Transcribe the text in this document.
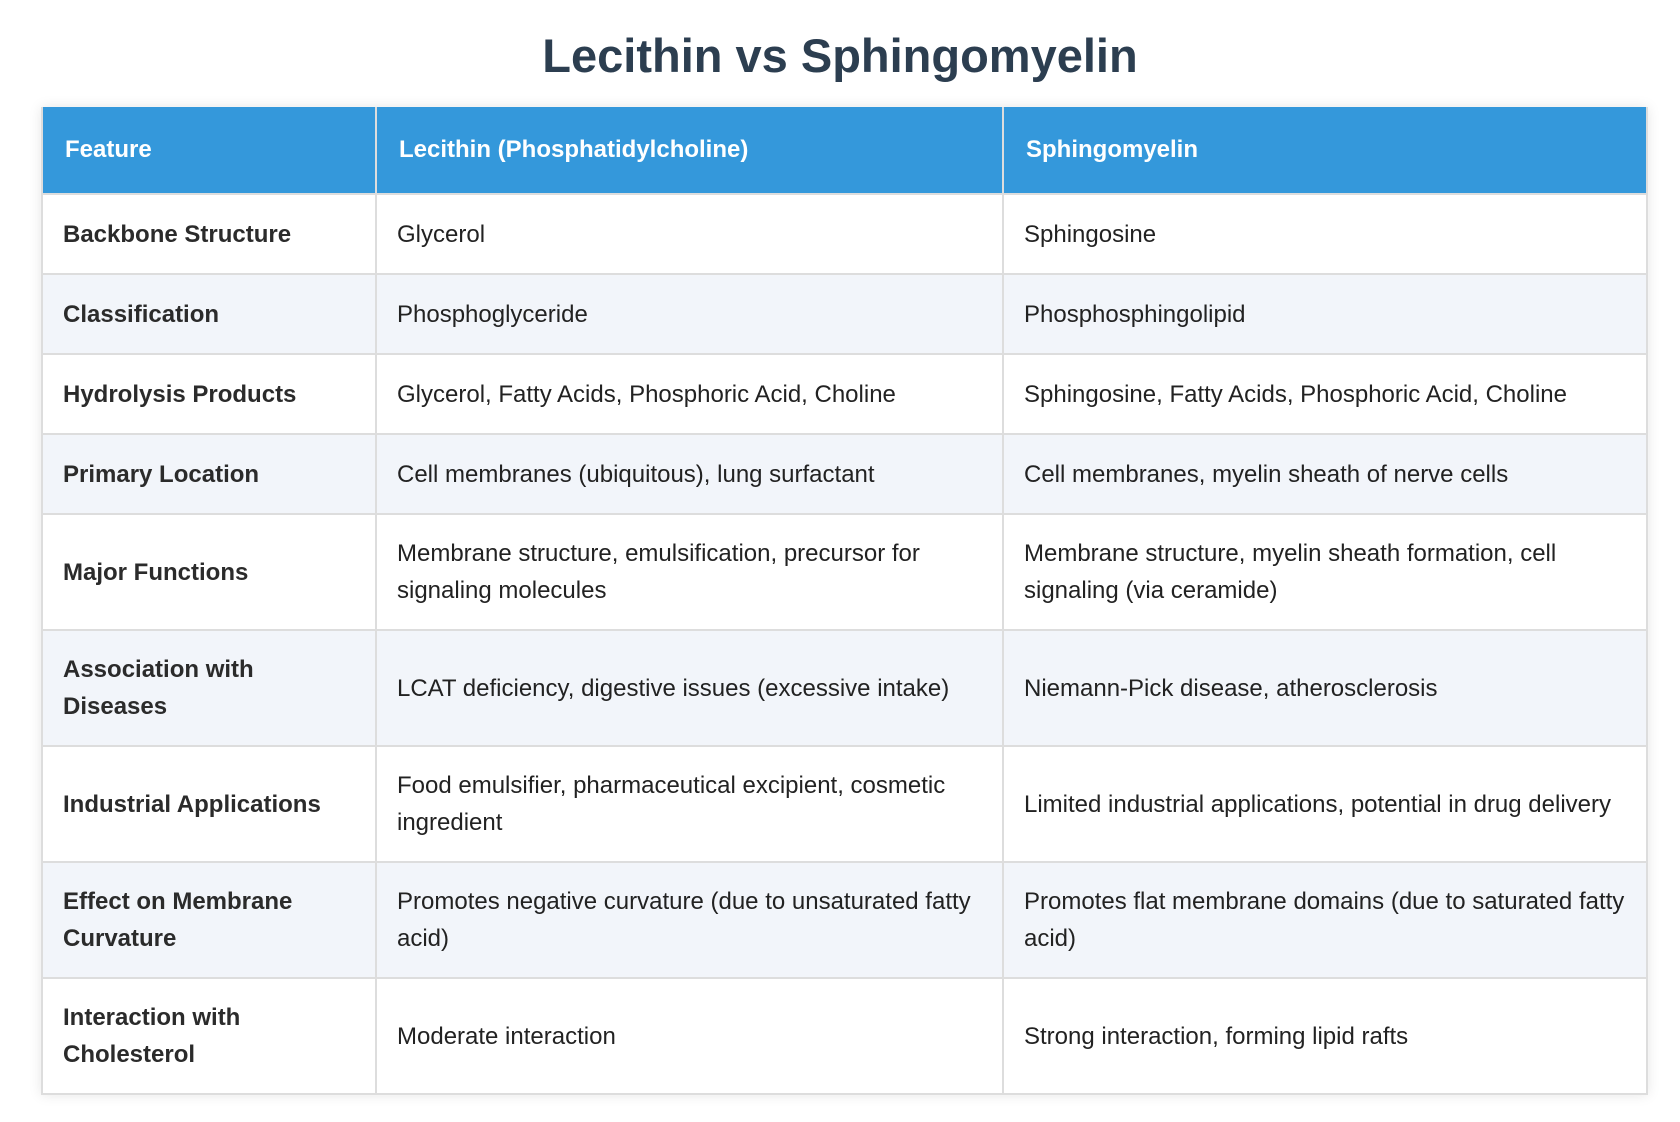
Lecithin vs Sphingomyelin
Feature	Lecithin (Phosphatidylcholine)	Sphingomyelin
Backbone Structure	Glycerol	Sphingosine
Classification	Phosphoglyceride	Phosphosphingolipid
Hydrolysis Products	Glycerol, Fatty Acids, Phosphoric Acid, Choline	Sphingosine, Fatty Acids, Phosphoric Acid, Choline
Primary Location	Cell membranes (ubiquitous), lung surfactant	Cell membranes, myelin sheath of nerve cells
Major Functions	Membrane structure, emulsification, precursor for signaling molecules	Membrane structure, myelin sheath formation, cell signaling (via ceramide)
Association with Diseases	LCAT deficiency, digestive issues (excessive intake)	Niemann-Pick disease, atherosclerosis
Industrial Applications	Food emulsifier, pharmaceutical excipient, cosmetic ingredient	Limited industrial applications, potential in drug delivery
Effect on Membrane Curvature	Promotes negative curvature (due to unsaturated fatty acid)	Promotes flat membrane domains (due to saturated fatty acid)
Interaction with Cholesterol	Moderate interaction	Strong interaction, forming lipid rafts
